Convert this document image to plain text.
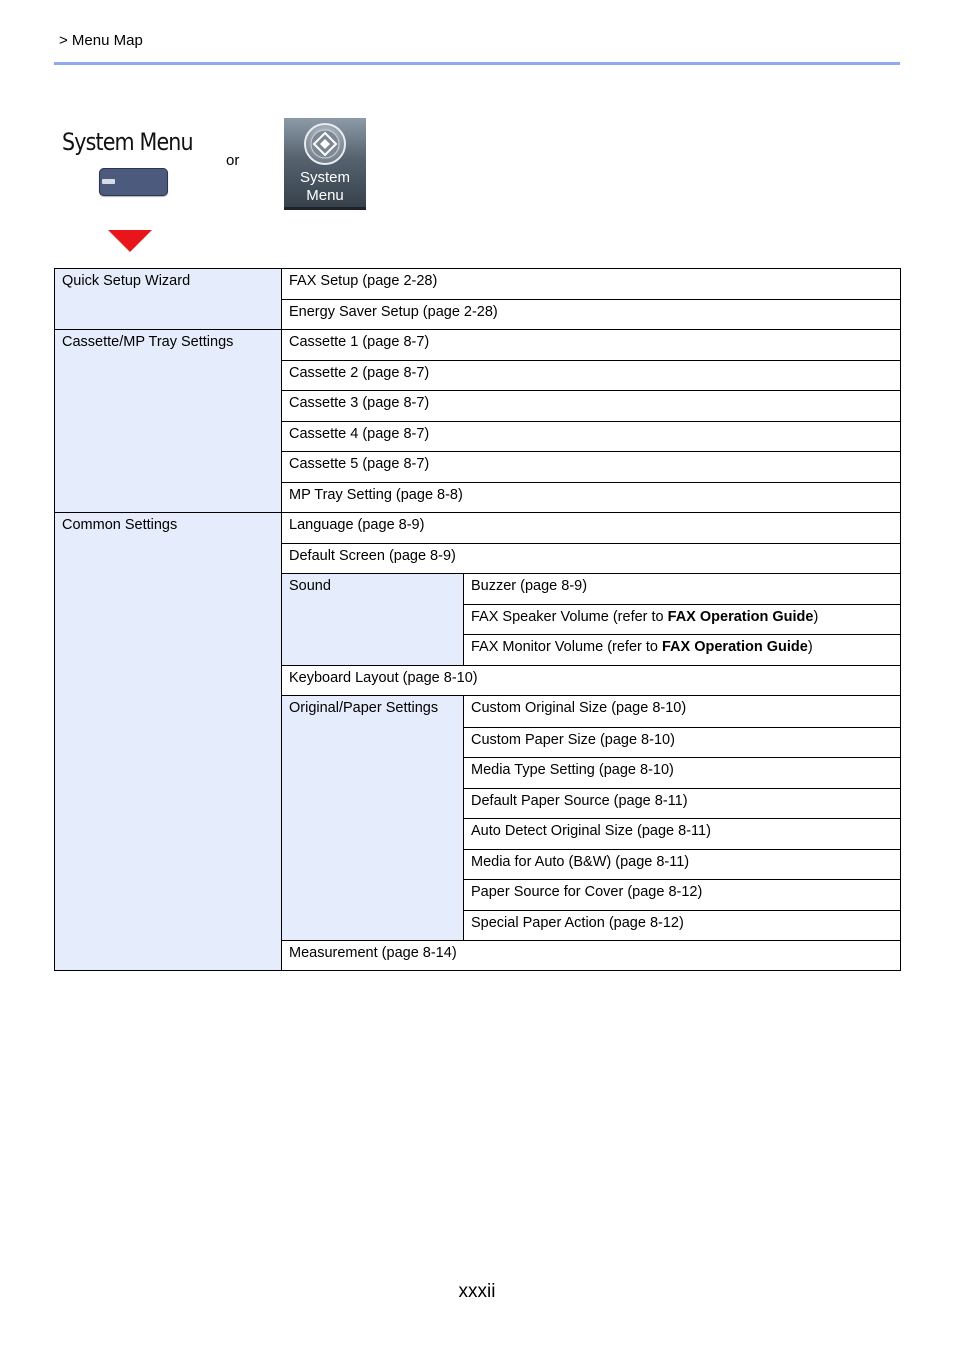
> Menu Map
System Menu
or
System
Menu
Quick Setup Wizard	FAX Setup (page 2-28)	
	Energy Saver Setup (page 2-28)	
Cassette/MP Tray Settings	Cassette 1 (page 8-7)	
	Cassette 2 (page 8-7)	
	Cassette 3 (page 8-7)	
	Cassette 4 (page 8-7)	
	Cassette 5 (page 8-7)	
	MP Tray Setting (page 8-8)	
Common Settings	Language (page 8-9)	
	Default Screen (page 8-9)	
	Sound	Buzzer (page 8-9)
		FAX Speaker Volume (refer to FAX Operation Guide)
		FAX Monitor Volume (refer to FAX Operation Guide)
	Keyboard Layout (page 8-10)	
	Original/Paper Settings	Custom Original Size (page 8-10)
		Custom Paper Size (page 8-10)
		Media Type Setting (page 8-10)
		Default Paper Source (page 8-11)
		Auto Detect Original Size (page 8-11)
		Media for Auto (B&W) (page 8-11)
		Paper Source for Cover (page 8-12)
		Special Paper Action (page 8-12)
	Measurement (page 8-14)	
xxxii
